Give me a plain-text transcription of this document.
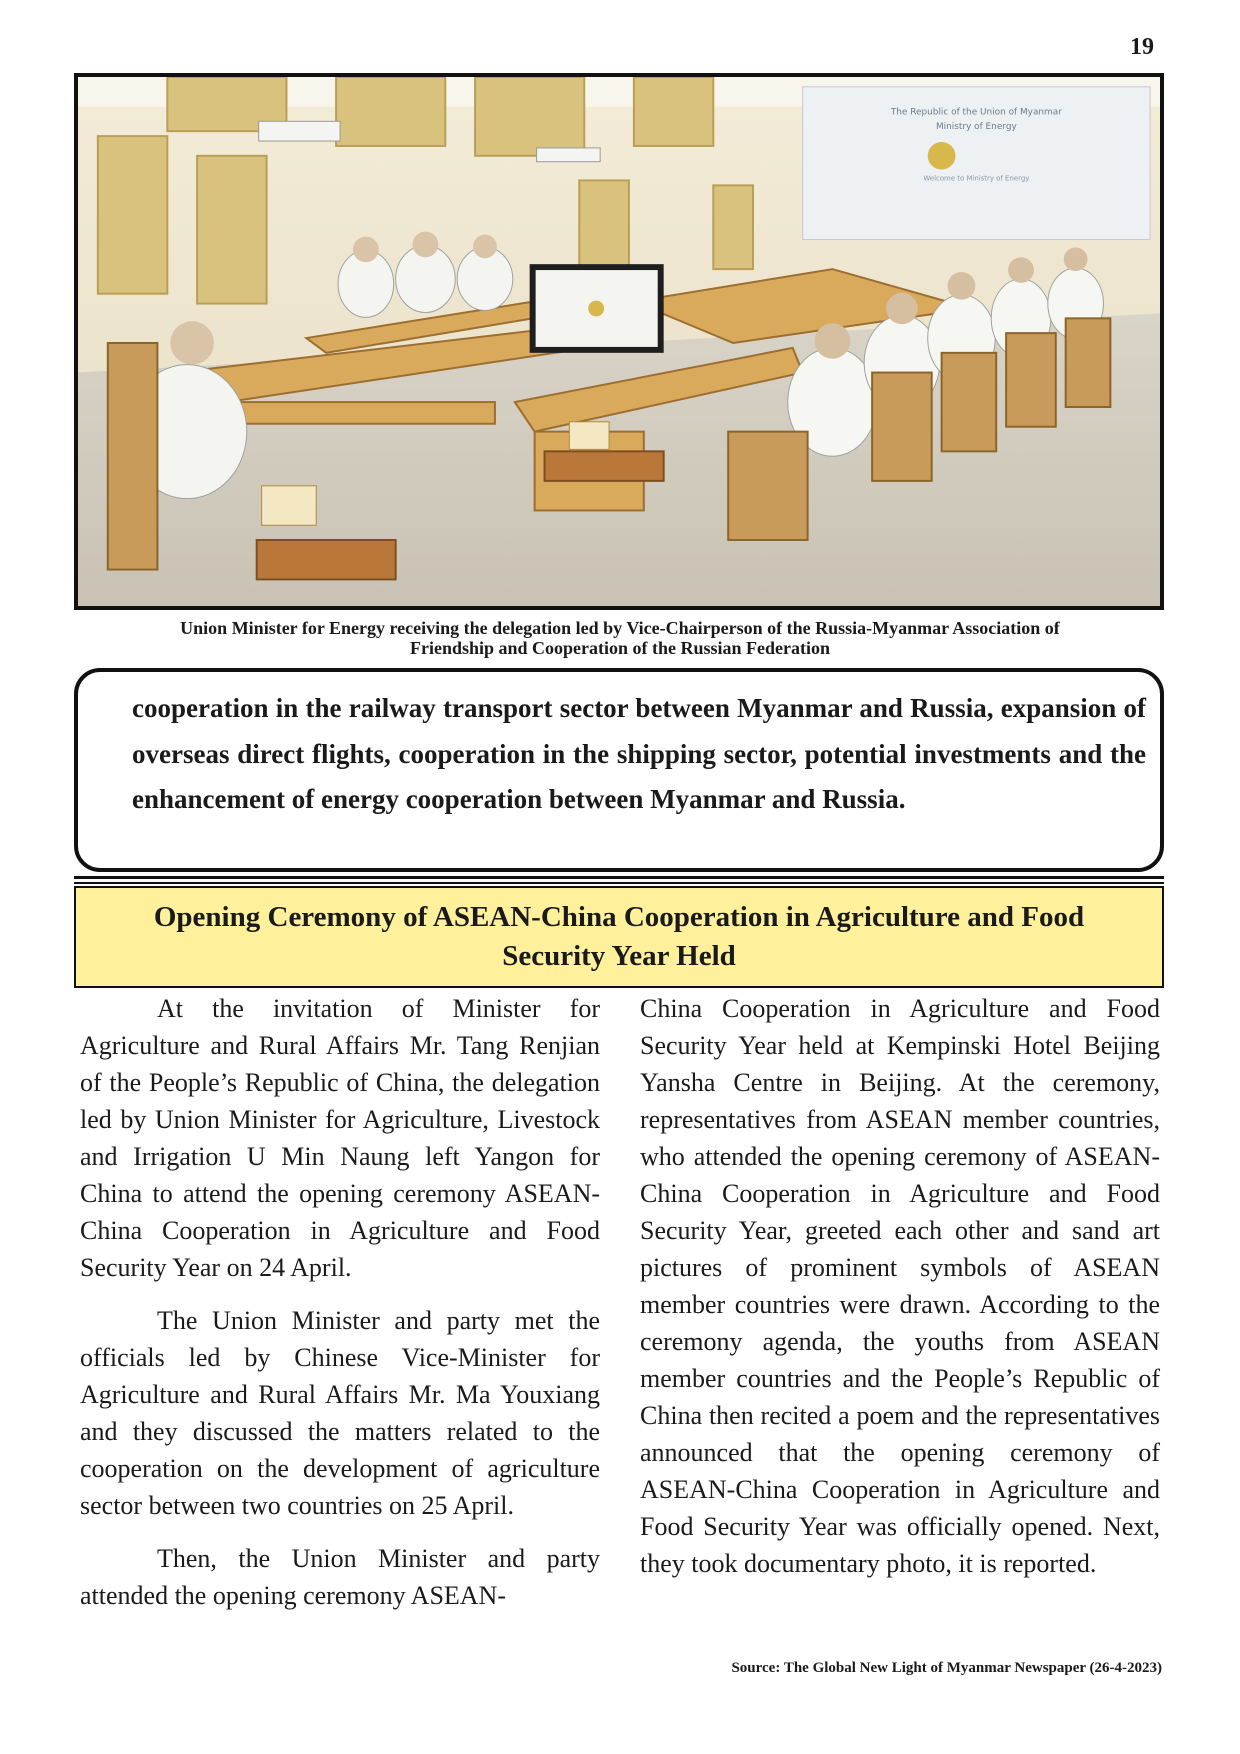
19
The Republic of the Union of Myanmar
Ministry of Energy
Welcome to Ministry of Energy
Union Minister for Energy receiving the delegation led by Vice-Chairperson of the Russia-Myanmar Association of
Friendship and Cooperation of the Russian Federation

cooperation in the railway transport sector between Myanmar and Russia, expansion of overseas direct flights, cooperation in the shipping sector, potential investments and the enhancement of energy cooperation between Myanmar and Russia.

Opening Ceremony of ASEAN-China Cooperation in Agriculture and Food
Security Year Held

At the invitation of Minister for Agriculture and Rural Affairs Mr. Tang Renjian of the People’s Republic of China, the delegation led by Union Minister for Agriculture, Livestock and Irrigation U Min Naung left Yangon for China to attend the opening ceremony ASEAN-China Cooperation in Agriculture and Food Security Year on 24 April.

The Union Minister and party met the officials led by Chinese Vice-Minister for Agriculture and Rural Affairs Mr. Ma Youxiang and they discussed the matters related to the cooperation on the development of agriculture sector between two countries on 25 April.

Then, the Union Minister and party attended the opening ceremony ASEAN-

China Cooperation in Agriculture and Food Security Year held at Kempinski Hotel Beijing Yansha Centre in Beijing. At the ceremony, representatives from ASEAN member countries, who attended the opening ceremony of ASEAN-China Cooperation in Agriculture and Food Security Year, greeted each other and sand art pictures of prominent symbols of ASEAN member countries were drawn. According to the ceremony agenda, the youths from ASEAN member countries and the People’s Republic of China then recited a poem and the representatives announced that the opening ceremony of ASEAN-China Cooperation in Agriculture and Food Security Year was officially opened. Next, they took documentary photo, it is reported.

Source: The Global New Light of Myanmar Newspaper (26-4-2023)
